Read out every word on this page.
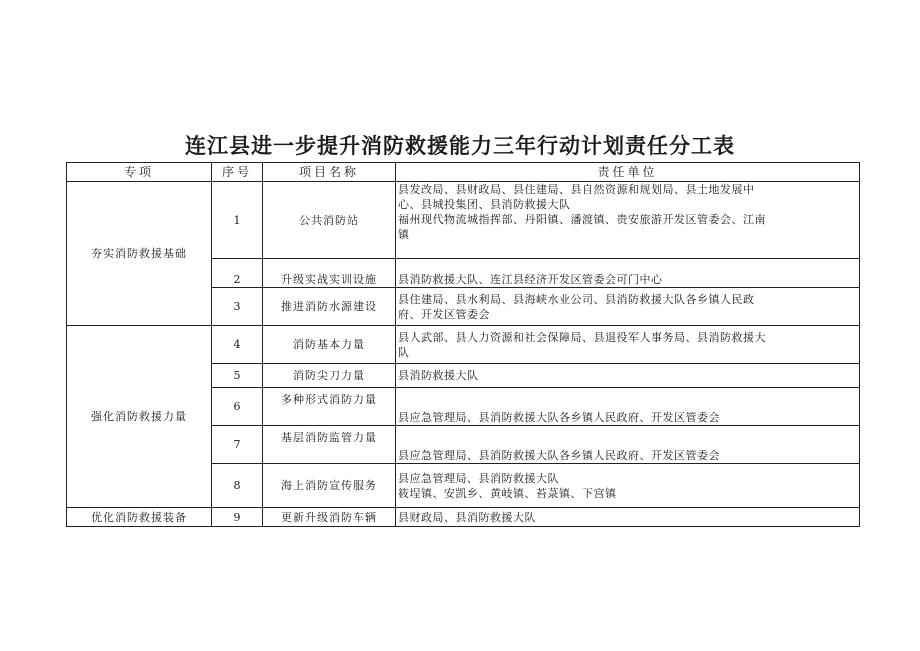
连江县进一步提升消防救援能力三年行动计划责任分工表
专项	序号	项目名称	责任单位
夯实消防救援基础	1	公共消防站	县发改局、县财政局、县住建局、县自然资源和规划局、县土地发展中
心、县城投集团、县消防救援大队
福州现代物流城指挥部、丹阳镇、潘渡镇、贵安旅游开发区管委会、江南
镇

	2	升级实战实训设施	县消防救援大队、连江县经济开发区管委会可门中心

	3	推进消防水源建设	县住建局、县水利局、县海峡水业公司、县消防救援大队各乡镇人民政
府、开发区管委会

强化消防救援力量	4	消防基本力量	县人武部、县人力资源和社会保障局、县退役军人事务局、县消防救援大
队

	5	消防尖刀力量	县消防救援大队

	6	多种形式消防力量	县应急管理局、县消防救援大队各乡镇人民政府、开发区管委会

	7	基层消防监管力量	县应急管理局、县消防救援大队各乡镇人民政府、开发区管委会

	8	海上消防宣传服务	县应急管理局、县消防救援大队
筱埕镇、安凯乡、黄岐镇、苔菉镇、下宫镇

优化消防救援装备	9	更新升级消防车辆	县财政局、县消防救援大队
